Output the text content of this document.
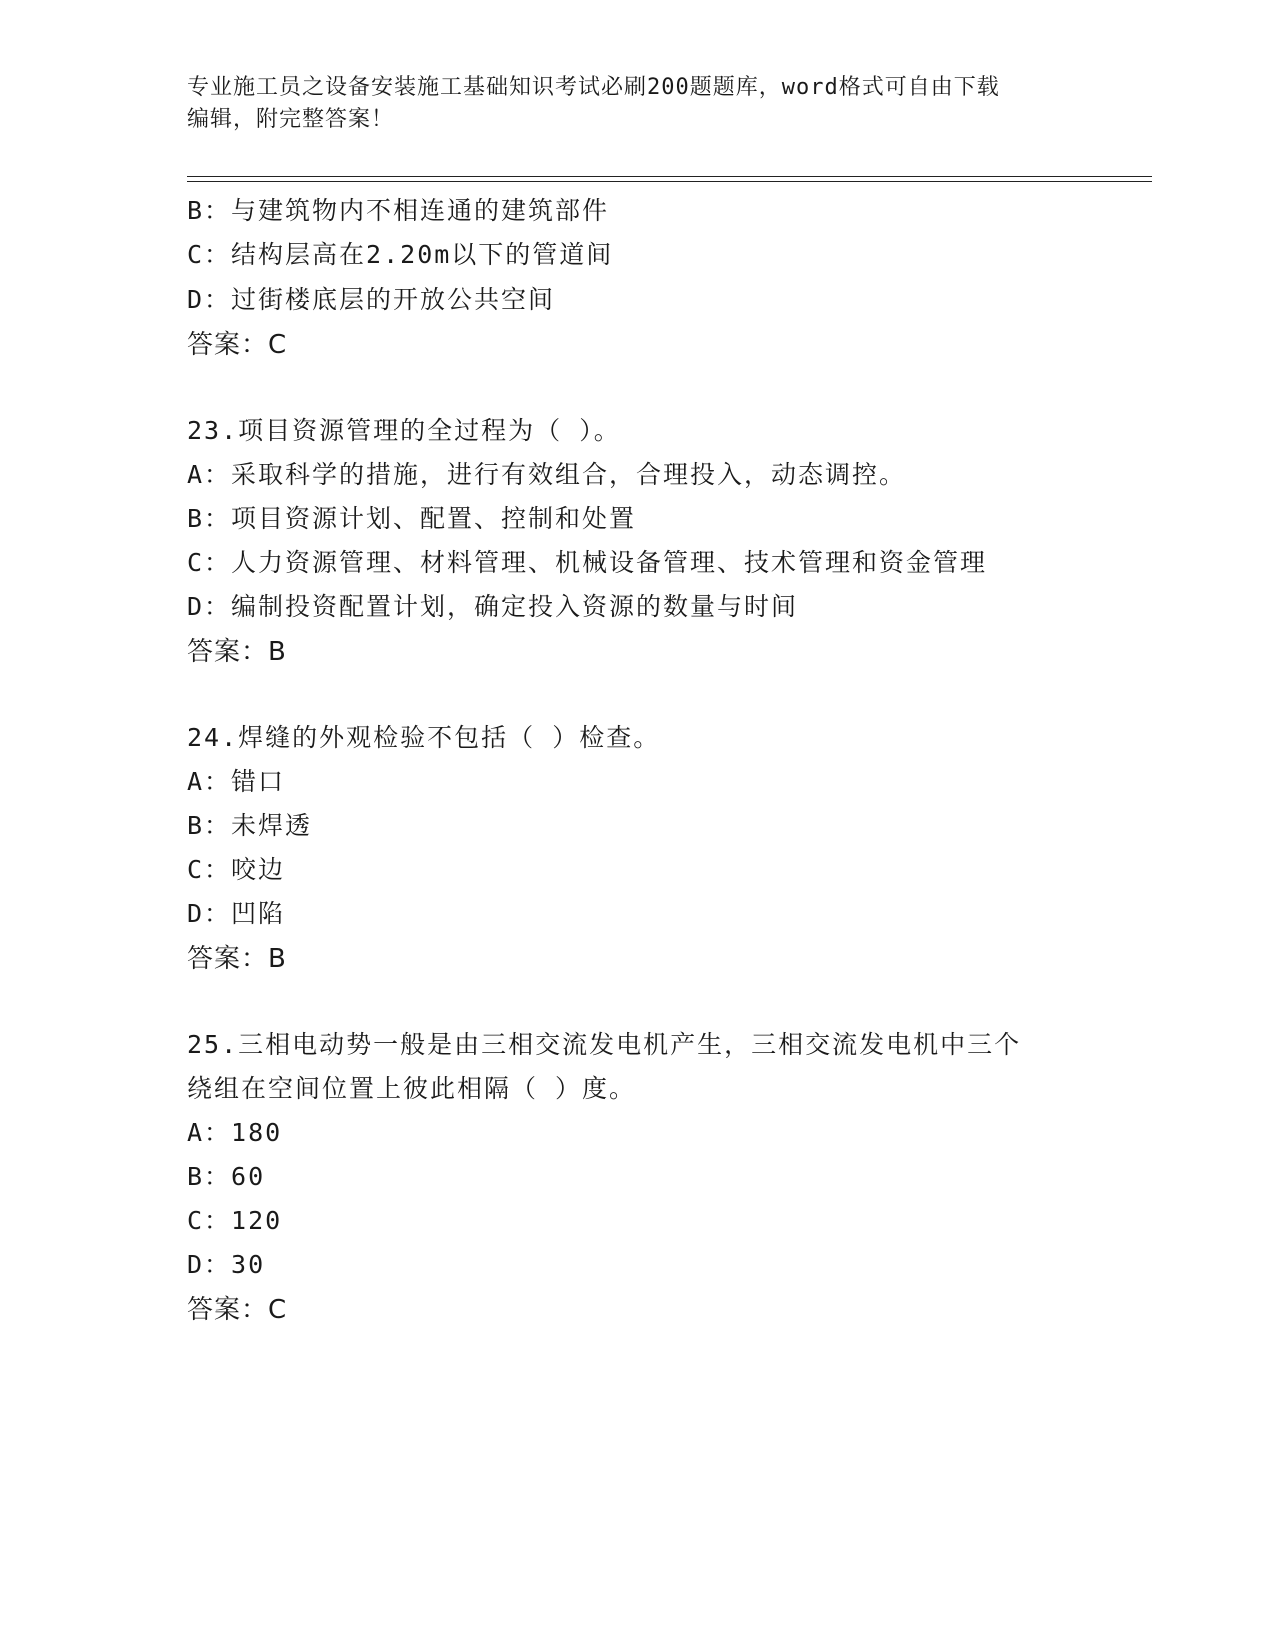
专业施工员之设备安装施工基础知识考试必刷200题题库，word格式可自由下载
编辑，附完整答案！
B：与建筑物内不相连通的建筑部件
C：结构层高在2.20m以下的管道间
D：过街楼底层的开放公共空间
答案：C
23.项目资源管理的全过程为（ ）。
A：采取科学的措施，进行有效组合，合理投入，动态调控。
B：项目资源计划、配置、控制和处置
C：人力资源管理、材料管理、机械设备管理、技术管理和资金管理
D：编制投资配置计划，确定投入资源的数量与时间
答案：B
24.焊缝的外观检验不包括（ ）检查。
A：错口
B：未焊透
C：咬边
D：凹陷
答案：B
25.三相电动势一般是由三相交流发电机产生，三相交流发电机中三个
绕组在空间位置上彼此相隔（ ）度。
A：180
B：60
C：120
D：30
答案：C
